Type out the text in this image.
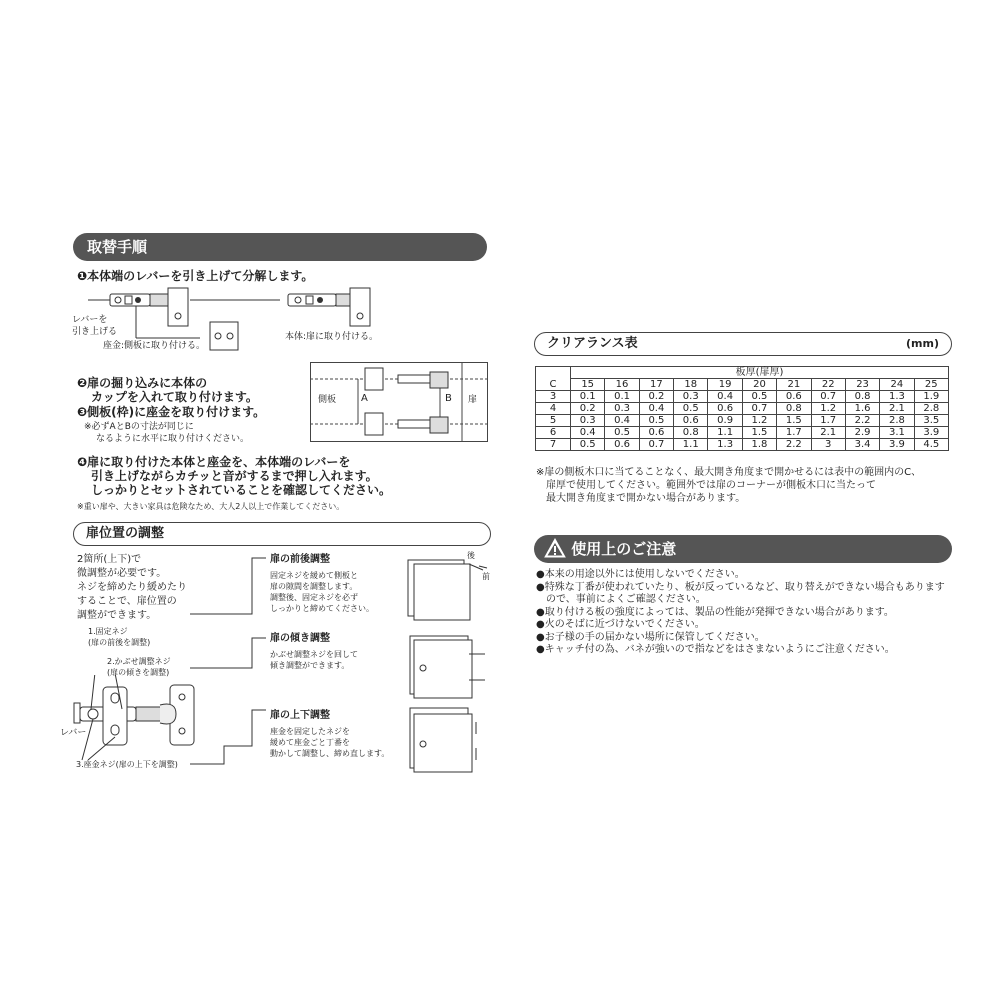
取替手順
❶本体端のレバーを引き上げて分解します。
レバーを
引き上げる
座金:側板に取り付ける。
本体:扉に取り付ける。
❷扉の掘り込みに本体の
カップを入れて取り付けます。
❸側板(枠)に座金を取り付けます。
※必ずAとBの寸法が同じに
なるように水平に取り付けください。
側板 A	B 扉
❹扉に取り付けた本体と座金を、本体端のレバーを
引き上げながらカチッと音がするまで押し入れます。
しっかりとセットされていることを確認してください。
※重い扉や、大きい家具は危険なため、大人2人以上で作業してください。
扉位置の調整
2箇所(上下)で
微調整が必要です。
ネジを締めたり緩めたり
することで、扉位置の
調整ができます。
1.固定ネジ
(扉の前後を調整)
2.かぶせ調整ネジ
(扉の傾きを調整)
レバー
3.座金ネジ(扉の上下を調整)
扉の前後調整
固定ネジを緩めて側板と
扉の隙間を調整します。
調整後、固定ネジを必ず
しっかりと締めてください。
後
前
扉の傾き調整
かぶせ調整ネジを回して
傾き調整ができます。
扉の上下調整
座金を固定したネジを
緩めて座金ごと丁番を
動かして調整し、締め直します。
クリアランス表	(mm)
	板厚(扉厚)										
C	15	16	17	18	19	20	21	22	23	24	25
3	0.1	0.1	0.2	0.3	0.4	0.5	0.6	0.7	0.8	1.3	1.9
4	0.2	0.3	0.4	0.5	0.6	0.7	0.8	1.2	1.6	2.1	2.8
5	0.3	0.4	0.5	0.6	0.9	1.2	1.5	1.7	2.2	2.8	3.5
6	0.4	0.5	0.6	0.8	1.1	1.5	1.7	2.1	2.9	3.1	3.9
7	0.5	0.6	0.7	1.1	1.3	1.8	2.2	3	3.4	3.9	4.5
※扉の側板木口に当てることなく、最大開き角度まで開かせるには表中の範囲内のC、
扉厚で使用してください。範囲外では扉のコーナーが側板木口に当たって
最大開き角度まで開かない場合があります。
使用上のご注意
●本来の用途以外には使用しないでください。
●特殊な丁番が使われていたり、板が反っているなど、取り替えができない場合もあります
　ので、事前によくご確認ください。
●取り付ける板の強度によっては、製品の性能が発揮できない場合があります。
●火のそばに近づけないでください。
●お子様の手の届かない場所に保管してください。
●キャッチ付の為、バネが強いので指などをはさまないようにご注意ください。
